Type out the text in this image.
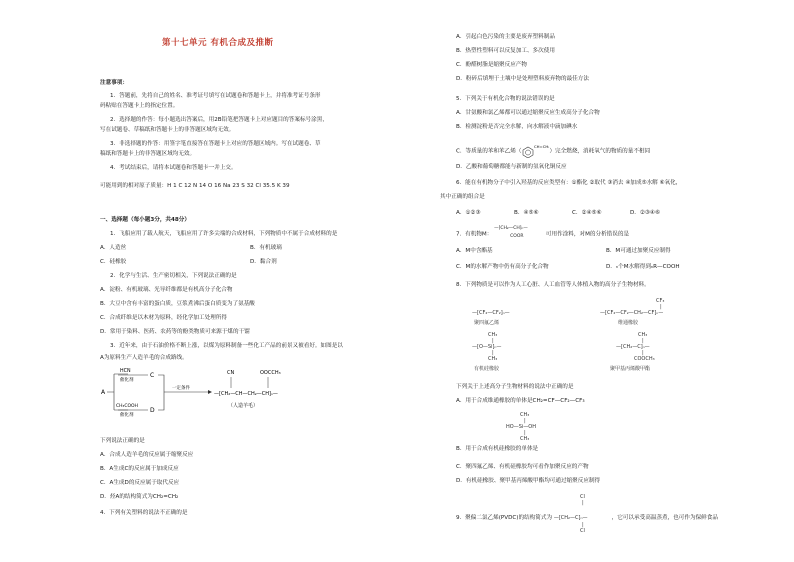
第十七单元 有机合成及推断
注意事项：
1．答题前，先将自己的姓名、准考证号填写在试题卷和答题卡上，并将准考证号条形
码粘贴在答题卡上的指定位置。
2．选择题的作答：每小题选出答案后，用2B铅笔把答题卡上对应题目的答案标号涂黑，
写在试题卷、草稿纸和答题卡上的非答题区域均无效。
3．非选择题的作答：用签字笔直接答在答题卡上对应的答题区域内。写在试题卷、草
稿纸和答题卡上的非答题区域均无效。
4．考试结束后，请将本试题卷和答题卡一并上交。
可能用到的相对原子质量：H 1 C 12 N 14 O 16 Na 23 S 32 Cl 35.5 K 39
一、选择题（每小题3分，共48分）
1．飞船应用了载人航天，飞船应用了许多尖端的合成材料，下列物质中不属于合成材料的是
A．人造丝	B．有机玻璃
C．硅橡胶	D．黏合剂
2．化学与生活、生产密切相关，下列说法正确的是
A．淀粉、有机玻璃、光导纤维都是有机高分子化合物
B．大豆中含有丰富的蛋白质，豆浆煮沸后蛋白质变为了氨基酸
C．合成纤维是以木材为原料，经化学加工处理所得
D．常用于染料、医药、农药等的酚类物质可来源于煤的干馏
3．近年来，由于石油价格不断上涨，以煤为原料制备一些化工产品的前景又被看好。如图是以
A为原料生产人造羊毛的合成路线。
A
HCN
催化剂
C
CH₃COOH
催化剂
D
一定条件
CN	OOCCH₃
—[CH₂—CH—CH₂—CH]ₙ—
（人造羊毛）
下列说法正确的是
A．合成人造羊毛的反应属于缩聚反应
B．A生成C的反应属于加成反应
C．A生成D的反应属于取代反应
D．烃A的结构简式为CH₂=CH₂
4．下列有关塑料的说法不正确的是
A．引起白色污染的主要是废弃塑料制品
B．热塑性塑料可以反复加工、多次使用
C．酚醛树脂是缩聚反应产物
D．粉碎后填埋于土壤中是处理塑料废弃物的最佳方法
5．下列关于有机化合物的说法错误的是
A．甘氨酸和氯乙烯都可以通过缩聚反应生成高分子化合物
B．检测淀粉是否完全水解，向水解液中滴加碘水
C．等质量的苯和苯乙烯（
CH=CH₂
）完全燃烧，消耗氧气的物质的量不相同
D．乙酸和葡萄糖都能与新制的氢氧化铜反应
6．能在有机物分子中引入羟基的反应类型有：①酯化 ②取代 ③消去 ④加成⑤水解 ⑥氧化，
其中正确的组合是
A．①②③	B．④⑤⑥	C．②④⑤⑥	D．②③④⑥
7．有机物M：
—[CH₂—CH]ₙ—
COOR	可用作涂料，对M的分析错误的是
A．M中含酯基	B．M可通过加聚反应制得
C．M的水解产物中仍有高分子化合物	D．ₙ个M水解得到ₙR—COOH
8．下列物质是可以作为人工心脏、人工血管等人体植入物的高分子生物材料。
—[CF₂—CF₂]ₙ—
聚四氟乙烯
CF₃
|
—[CF₂—CF₂—CH₂—CF]ₙ—
维通橡胶
CH₃
|
—[O—Si]ₙ—
|
CH₃
有机硅橡胶
CH₃
|
—[CH₂—C]ₙ—
|
COOCH₃
聚甲基丙烯酸甲酯
下列关于上述高分子生物材料的说法中正确的是
A．用于合成维通橡胶的单体是CH₂=CF—CF₂—CF₃
CH₃
|
HO—Si—OH
|
CH₃
B．用于合成有机硅橡胶的单体是
C．聚四氟乙烯、有机硅橡胶均可看作加聚反应的产物
D．有机硅橡胶、聚甲基丙烯酸甲酯均可通过缩聚反应制得
Cl
|
9．聚偏二氯乙烯(PVDC)的结构简式为 —[CH₂—C]ₙ—	，它可以承受高温蒸煮，也可作为保鲜食品
|
Cl
